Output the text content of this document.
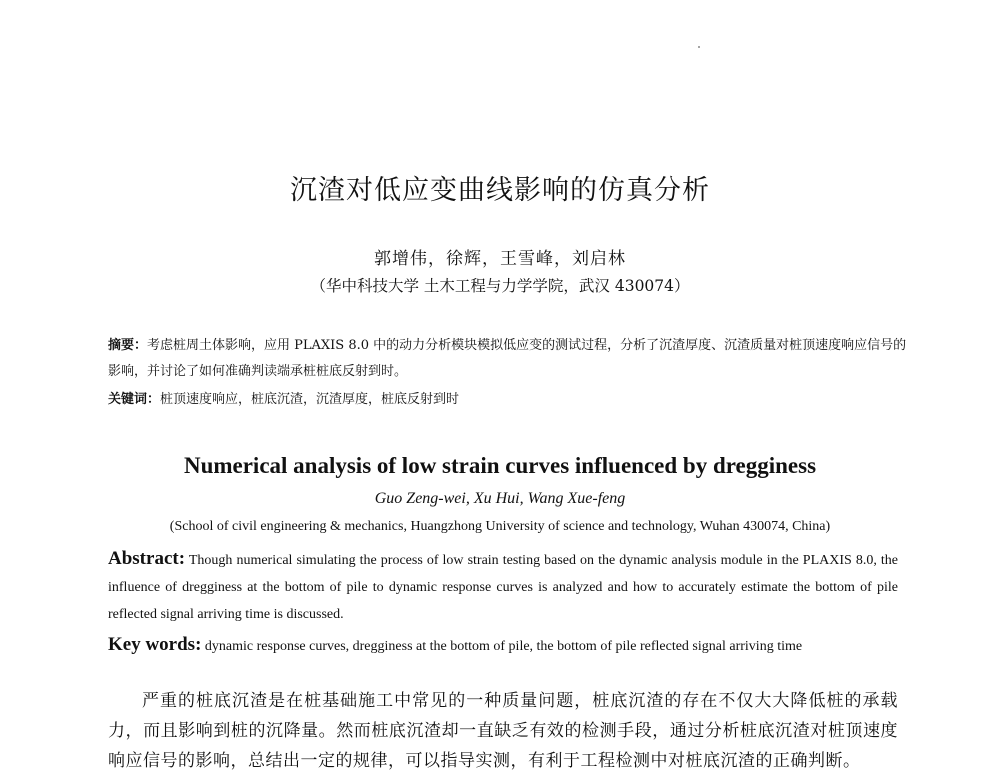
沉渣对低应变曲线影响的仿真分析
郭增伟，徐辉，王雪峰，刘启林
（华中科技大学 土木工程与力学学院，武汉 430074）
摘要：考虑桩周土体影响，应用 PLAXIS 8.0 中的动力分析模块模拟低应变的测试过程，分析了沉渣厚度、沉渣质量对桩顶速度响应信号的影响，并讨论了如何准确判读端承桩桩底反射到时。
关键词：桩顶速度响应，桩底沉渣，沉渣厚度，桩底反射到时
Numerical analysis of low strain curves influenced by dregginess
Guo Zeng-wei, Xu Hui, Wang Xue-feng
(School of civil engineering & mechanics, Huangzhong University of science and technology, Wuhan 430074, China)
Abstract: Though numerical simulating the process of low strain testing based on the dynamic analysis module in the PLAXIS 8.0, the influence of dregginess at the bottom of pile to dynamic response curves is analyzed and how to accurately estimate the bottom of pile reflected signal arriving time is discussed.
Key words: dynamic response curves, dregginess at the bottom of pile, the bottom of pile reflected signal arriving time
严重的桩底沉渣是在桩基础施工中常见的一种质量问题，桩底沉渣的存在不仅大大降低桩的承载力，而且影响到桩的沉降量。然而桩底沉渣却一直缺乏有效的检测手段，通过分析桩底沉渣对桩顶速度响应信号的影响，总结出一定的规律，可以指导实测，有利于工程检测中对桩底沉渣的正确判断。
